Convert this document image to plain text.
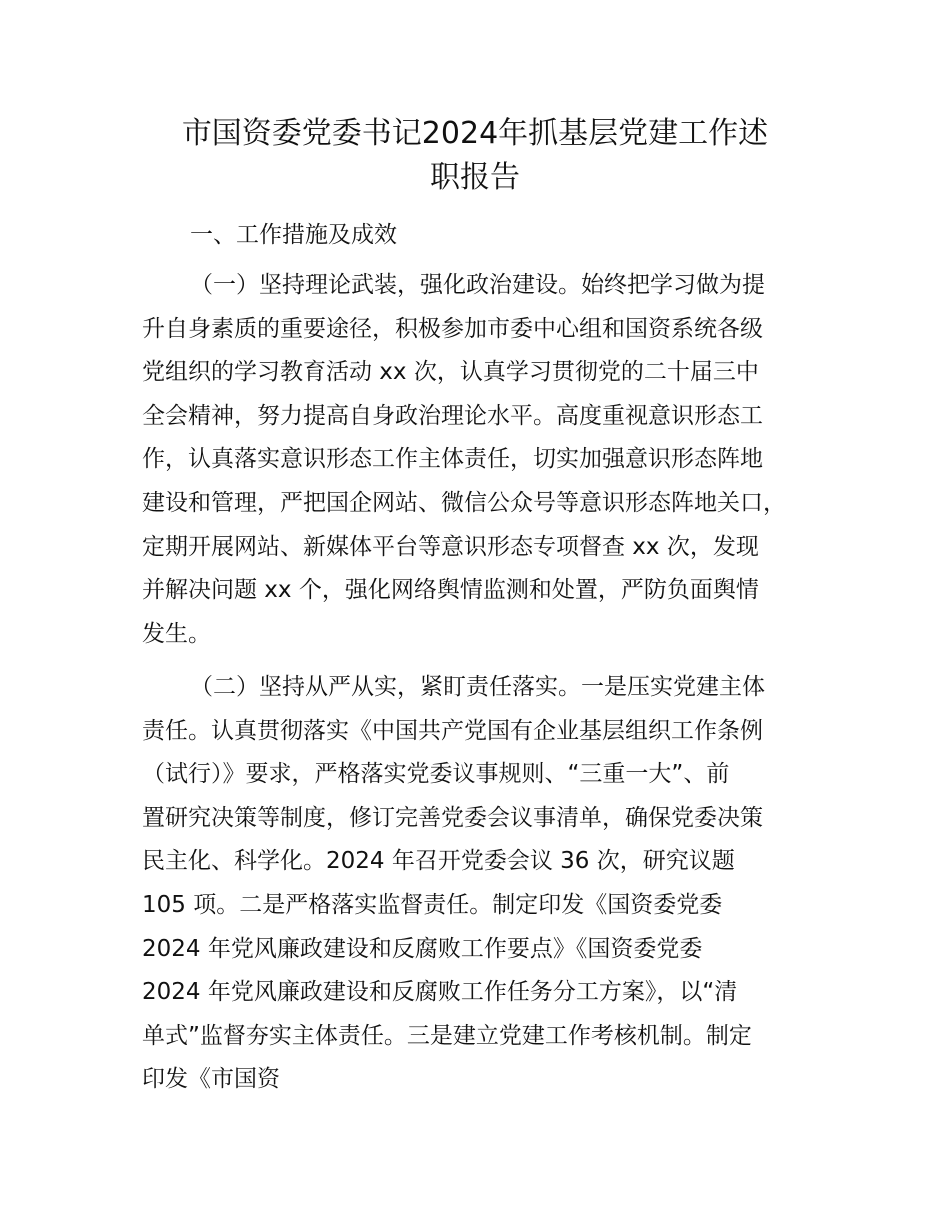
市国资委党委书记2024年抓基层党建工作述
职报告
一、工作措施及成效
（一）坚持理论武装，强化政治建设。始终把学习做为提
升自身素质的重要途径，积极参加市委中心组和国资系统各级
党组织的学习教育活动 xx 次，认真学习贯彻党的二十届三中
全会精神，努力提高自身政治理论水平。高度重视意识形态工
作，认真落实意识形态工作主体责任，切实加强意识形态阵地
建设和管理，严把国企网站、微信公众号等意识形态阵地关口，
定期开展网站、新媒体平台等意识形态专项督查 xx 次，发现
并解决问题 xx 个，强化网络舆情监测和处置，严防负面舆情
发生。
（二）坚持从严从实，紧盯责任落实。一是压实党建主体
责任。认真贯彻落实《中国共产党国有企业基层组织工作条例
（试行）》要求，严格落实党委议事规则、“三重一大”、前
置研究决策等制度，修订完善党委会议事清单，确保党委决策
民主化、科学化。2024 年召开党委会议 36 次，研究议题
105 项。二是严格落实监督责任。制定印发《国资委党委
2024 年党风廉政建设和反腐败工作要点》《国资委党委
2024 年党风廉政建设和反腐败工作任务分工方案》，以“清
单式”监督夯实主体责任。三是建立党建工作考核机制。制定
印发《市国资
